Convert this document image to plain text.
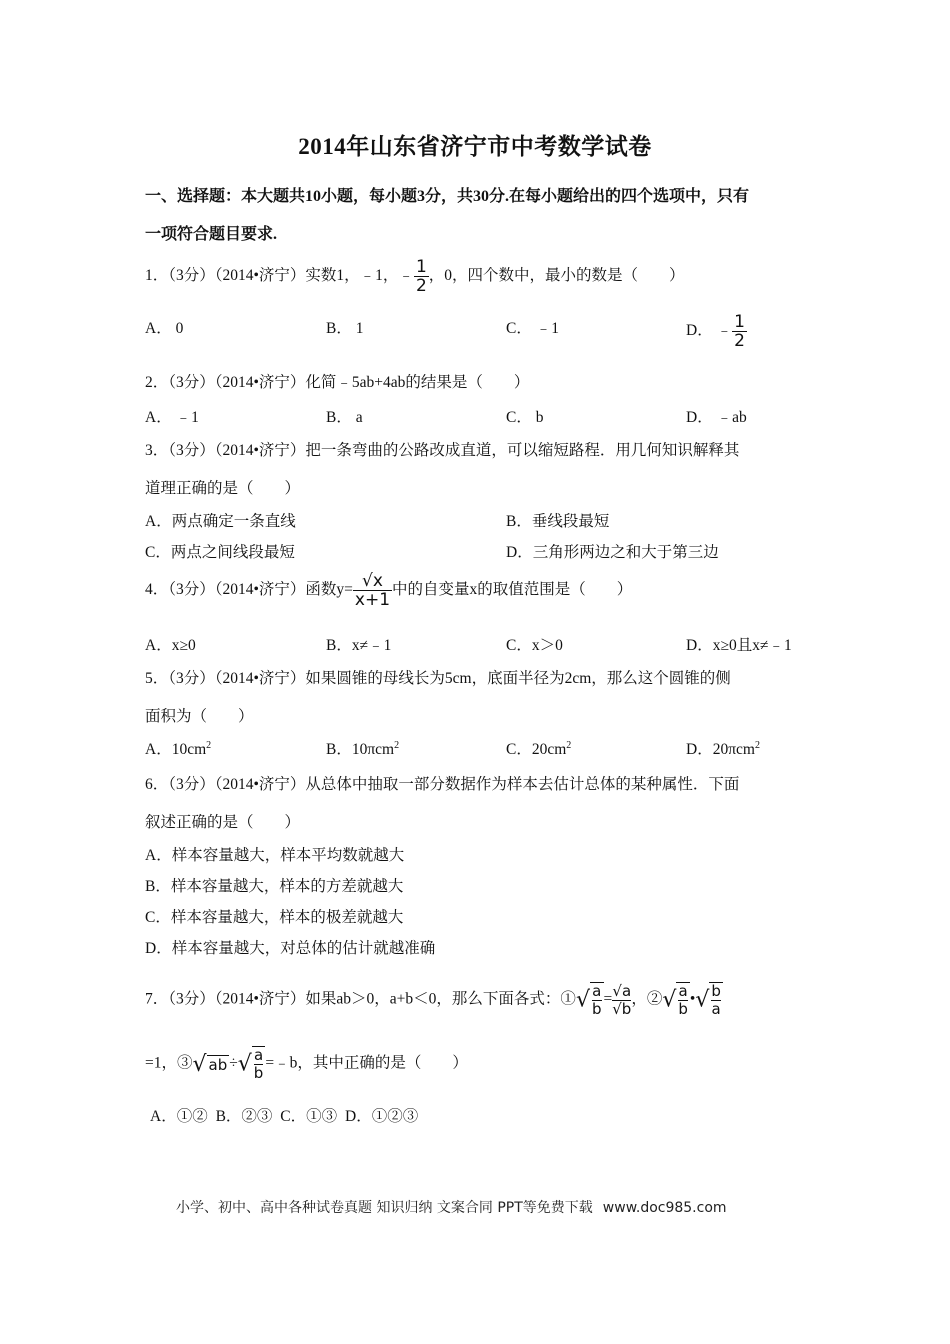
2014年山东省济宁市中考数学试卷
一、选择题：本大题共10小题，每小题3分，共30分.在每小题给出的四个选项中，只有
一项符合题目要求.
1．（3分）（2014•济宁）实数1，﹣1，﹣ $\frac{1}{2}$ ，0，四个数中，最小的数是（　　）
A． 0	B． 1	C． ﹣1	D． ﹣ $\frac{1}{2}$
2．（3分）（2014•济宁）化简﹣5ab+4ab的结果是（　　）
A． ﹣1	B． a	C． b	D． ﹣ab
3．（3分）（2014•济宁）把一条弯曲的公路改成直道，可以缩短路程．用几何知识解释其
道理正确的是（　　）
A．两点确定一条直线	B．垂线段最短
C．两点之间线段最短	D．三角形两边之和大于第三边
4．（3分）（2014•济宁）函数$y= \frac{√x}{x+1}$ 中的自变量x的取值范围是（　　）
A．x≥0	B．x≠﹣1	C．x＞0	D．x≥0且x≠﹣1
5．（3分）（2014•济宁）如果圆锥的母线长为5cm，底面半径为2cm，那么这个圆锥的侧
面积为（　　）
A．$10cm^2$	B．10πcm$^2$	C．$20cm^2$	D．20πcm$^2$
6．（3分）（2014•济宁）从总体中抽取一部分数据作为样本去估计总体的某种属性．下面
叙述正确的是（　　）
A．样本容量越大，样本平均数就越大
B．样本容量越大，样本的方差就越大
C．样本容量越大，样本的极差就越大
D．样本容量越大，对总体的估计就越准确
7．（3分）（2014•济宁）如果ab＞0，a+b＜0，那么下面各式：①√ $\frac{a}{b} = \frac{√a}{√b}$ ，②√ $\frac{a}{b}$ •√ $\frac{b}{a}$
=1，③√ ab ÷√ $\frac{a}{b}$ =﹣b，其中正确的是（　　）
A．①② B．②③ C．①③ D．①②③
小学、初中、高中各种试卷真题 知识归纳 文案合同 PPT等免费下载 www.doc985.com
